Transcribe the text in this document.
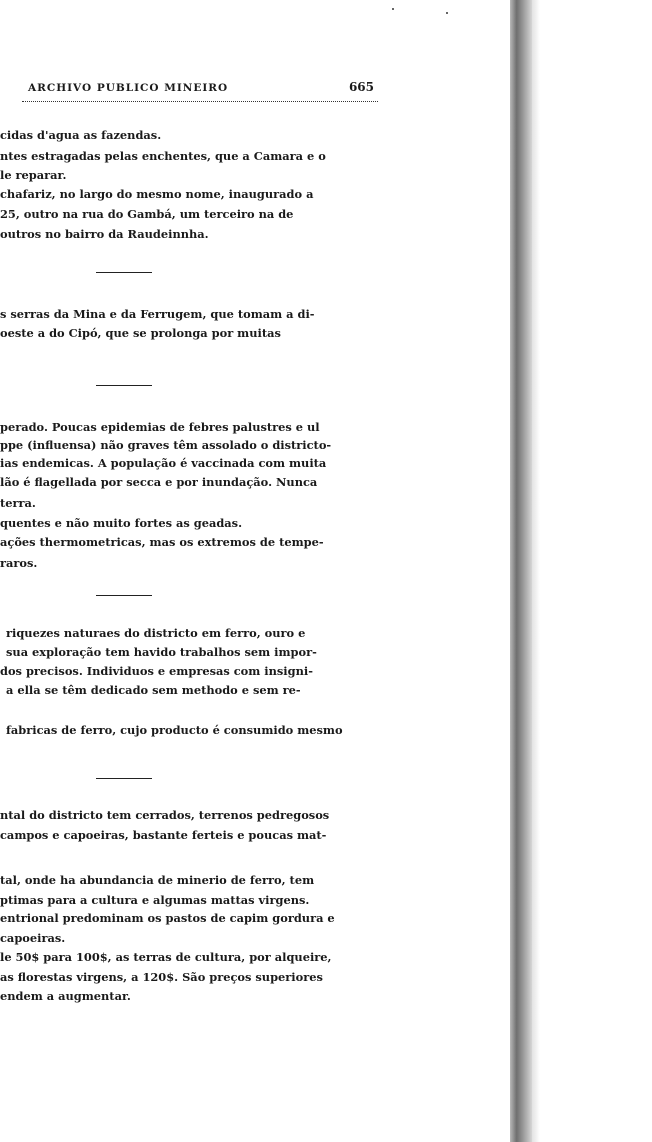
ARCHIVO PUBLICO MINEIRO	665
cidas d'agua as fazendas.
ntes estragadas pelas enchentes, que a Camara e o
le reparar.
chafariz, no largo do mesmo nome, inaugurado a
25, outro na rua do Gambá, um terceiro na de
outros no bairro da Raudeinnha.
s serras da Mina e da Ferrugem, que tomam a di-
oeste a do Cipó, que se prolonga por muitas
perado. Poucas epidemias de febres palustres e ul
ppe (influensa) não graves têm assolado o districto-
ias endemicas. A população é vaccinada com muita
lão é flagellada por secca e por inundação. Nunca
terra.
quentes e não muito fortes as geadas.
ações thermometricas, mas os extremos de tempe-
raros.
riquezes naturaes do districto em ferro, ouro e
sua exploração tem havido trabalhos sem impor-
dos precisos. Individuos e empresas com insigni-
a ella se têm dedicado sem methodo e sem re-
fabricas de ferro, cujo producto é consumido mesmo
ntal do districto tem cerrados, terrenos pedregosos
campos e capoeiras, bastante ferteis e poucas mat-
tal, onde ha abundancia de minerio de ferro, tem
ptimas para a cultura e algumas mattas virgens.
entrional predominam os pastos de capim gordura e
capoeiras.
le 50$ para 100$, as terras de cultura, por alqueire,
as florestas virgens, a 120$. São preços superiores
endem a augmentar.
